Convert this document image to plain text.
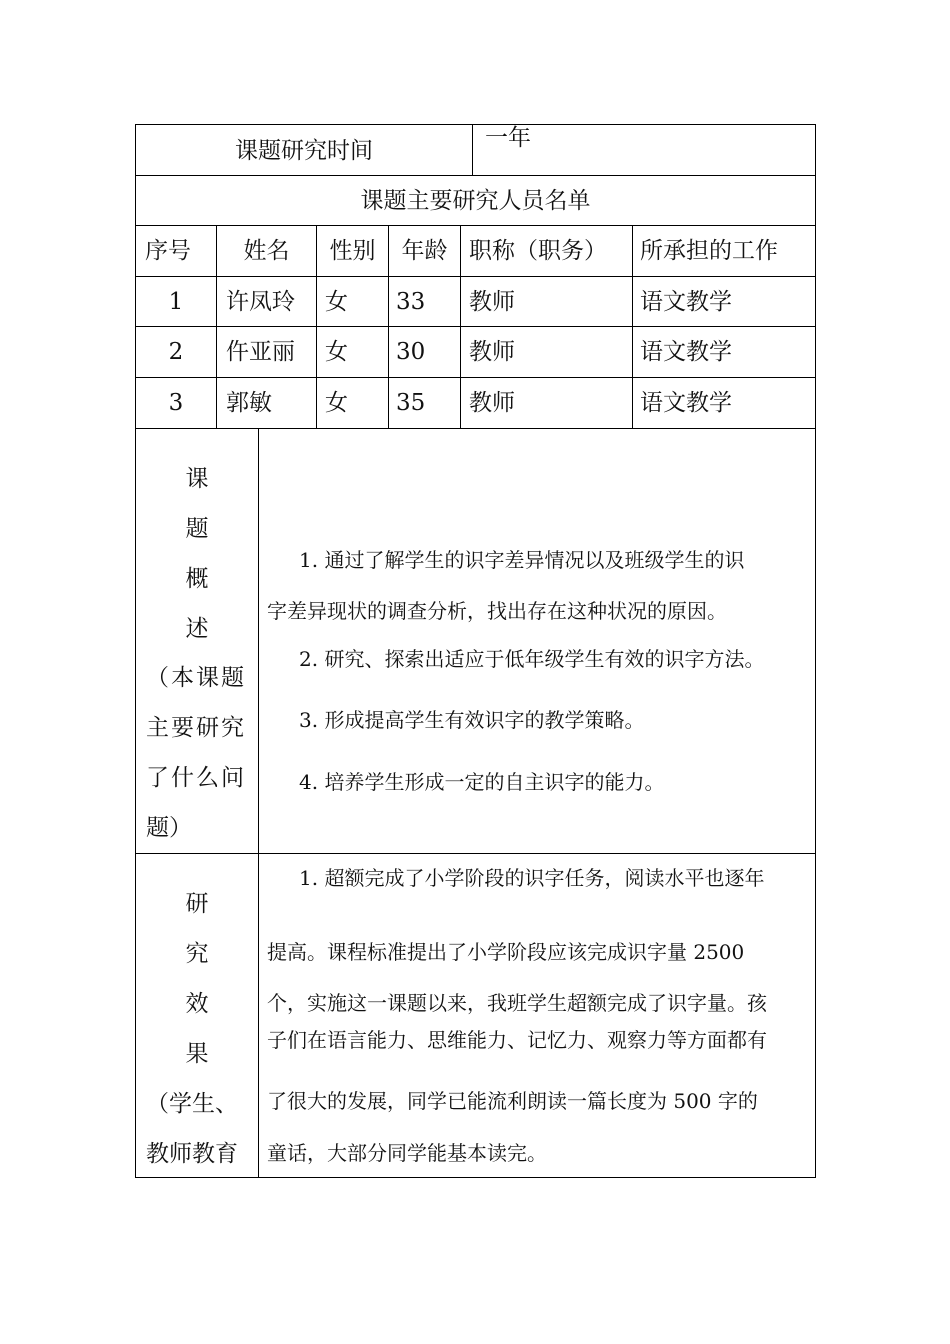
课题研究时间	一年
课题主要研究人员名单
序号	姓名	性别	年龄 职称（职务） 所承担的工作
1	许凤玲 女 33 教师	语文教学
2	仵亚丽 女 30 教师	语文教学
3	郭敏 女 35 教师	语文教学
课
题
概
述
（本课题
主要研究
了什么问
题）
1. 通过了解学生的识字差异情况以及班级学生的识
字差异现状的调查分析，找出存在这种状况的原因。
2. 研究、探索出适应于低年级学生有效的识字方法。
3. 形成提高学生有效识字的教学策略。
4. 培养学生形成一定的自主识字的能力。
研
究
效
果
（学生、
教师教育
1. 超额完成了小学阶段的识字任务，阅读水平也逐年
提高。课程标准提出了小学阶段应该完成识字量 2500
个，实施这一课题以来，我班学生超额完成了识字量。孩
子们在语言能力、思维能力、记忆力、观察力等方面都有
了很大的发展，同学已能流利朗读一篇长度为 500 字的
童话，大部分同学能基本读完。
